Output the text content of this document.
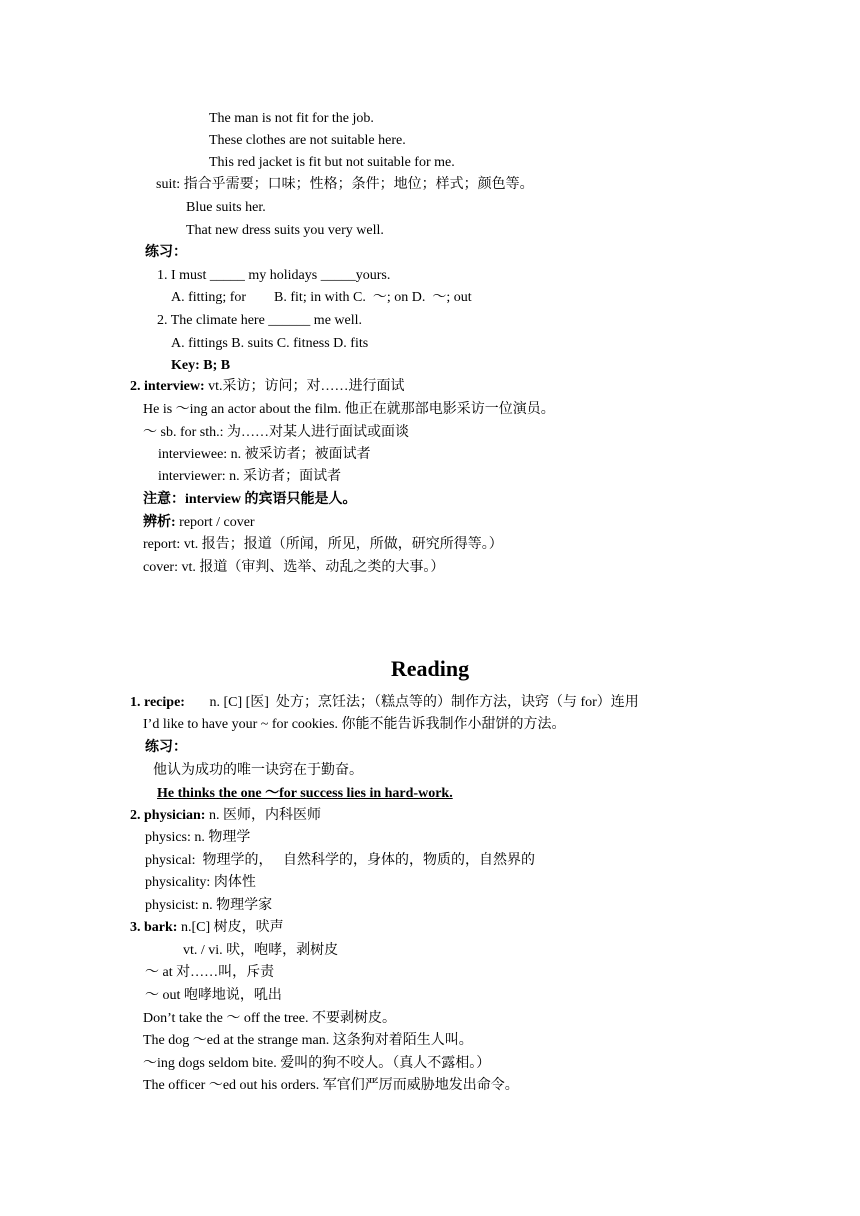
The man is not fit for the job.
These clothes are not suitable here.
This red jacket is fit but not suitable for me.
suit: 指合乎需要；口味；性格；条件；地位；样式；颜色等。
Blue suits her.
That new dress suits you very well.
练习：
1. I must _____ my holidays _____yours.
A. fitting; for        B. fit; in with C.  ～; on D.  ～; out
2. The climate here ______ me well.
A. fittings B. suits C. fitness D. fits
Key: B; B
2. interview: vt.采访；访问；对……进行面试
He is ～ing an actor about the film. 他正在就那部电影采访一位演员。
～ sb. for sth.: 为……对某人进行面试或面谈
interviewee: n. 被采访者；被面试者
interviewer: n. 采访者；面试者
注意：interview 的宾语只能是人。
辨析: report / cover
report: vt. 报告；报道（所闻，所见，所做，研究所得等。）
cover: vt. 报道（审判、选举、动乱之类的大事。）
Reading
1. recipe:       n. [C] [医]  处方；烹饪法；（糕点等的）制作方法，诀窍（与 for）连用
I’d like to have your ~ for cookies. 你能不能告诉我制作小甜饼的方法。
练习：
他认为成功的唯一诀窍在于勤奋。
He thinks the one ～for success lies in hard-work.
2. physician: n. 医师，内科医师
physics: n. 物理学
physical:  物理学的，   自然科学的，身体的，物质的，自然界的
physicality: 肉体性
physicist: n. 物理学家
3. bark: n.[C] 树皮，吠声
vt. / vi. 吠，咆哮，剥树皮
～ at 对……叫，斥责
～ out 咆哮地说，吼出
Don’t take the ～ off the tree. 不要剥树皮。
The dog ～ed at the strange man. 这条狗对着陌生人叫。
～ing dogs seldom bite. 爱叫的狗不咬人。（真人不露相。）
The officer ～ed out his orders. 军官们严厉而威胁地发出命令。
